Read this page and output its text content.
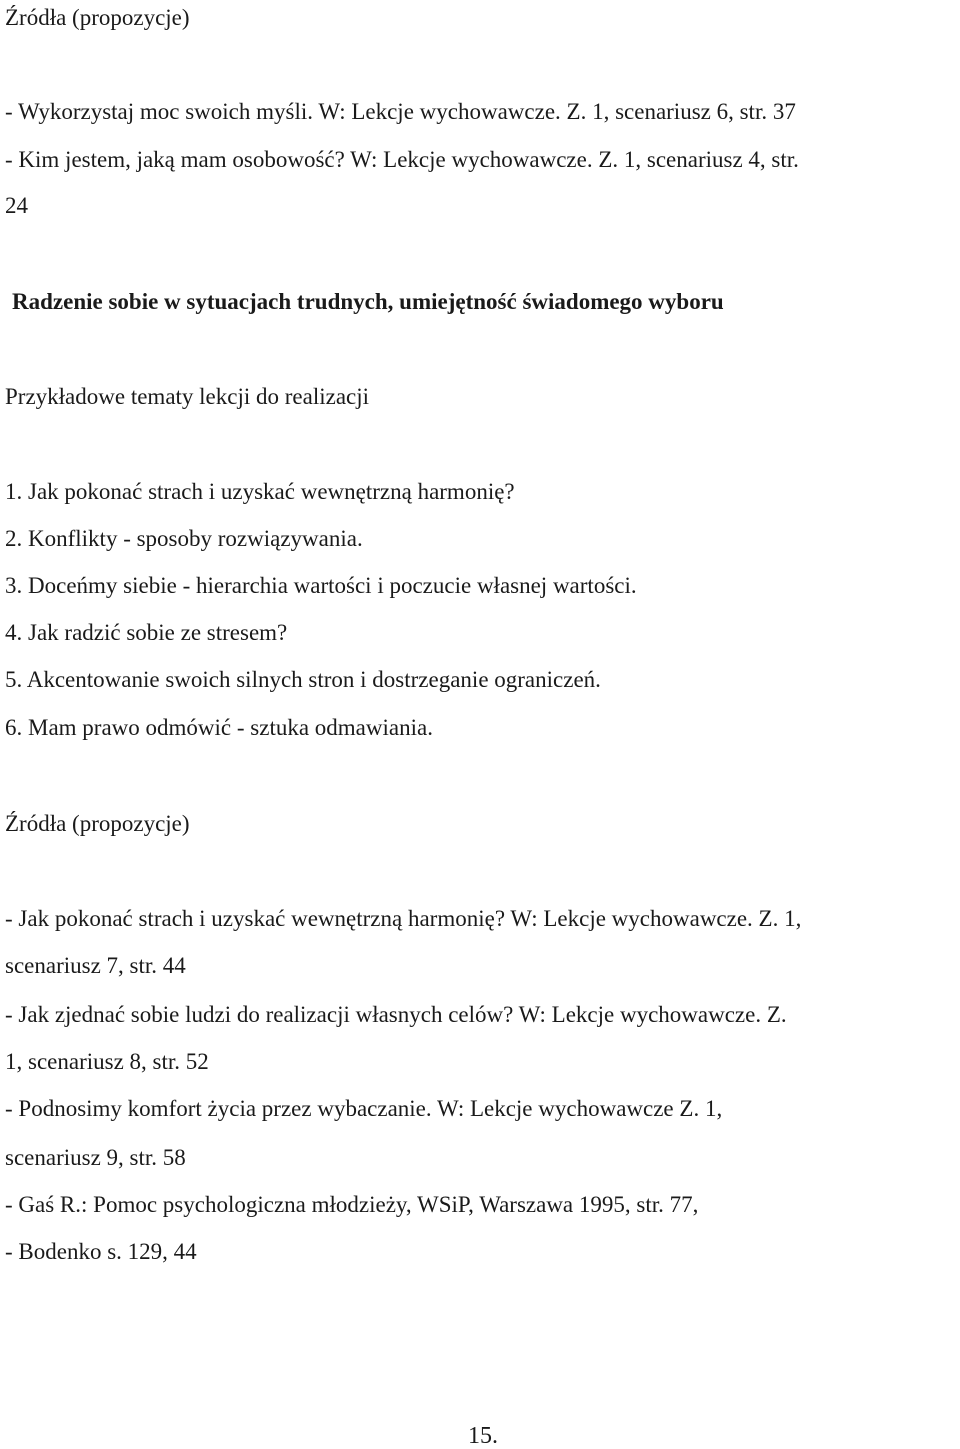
Źródła (propozycje)
- Wykorzystaj moc swoich myśli. W: Lekcje wychowawcze. Z. 1, scenariusz 6, str. 37
- Kim jestem, jaką mam osobowość? W: Lekcje wychowawcze. Z. 1, scenariusz 4, str.
24
Radzenie sobie w sytuacjach trudnych, umiejętność świadomego wyboru
Przykładowe tematy lekcji do realizacji
1. Jak pokonać strach i uzyskać wewnętrzną harmonię?
2. Konflikty - sposoby rozwiązywania.
3. Doceńmy siebie - hierarchia wartości i poczucie własnej wartości.
4. Jak radzić sobie ze stresem?
5. Akcentowanie swoich silnych stron i dostrzeganie ograniczeń.
6. Mam prawo odmówić - sztuka odmawiania.
Źródła (propozycje)
- Jak pokonać strach i uzyskać wewnętrzną harmonię? W: Lekcje wychowawcze. Z. 1,
scenariusz 7, str. 44
- Jak zjednać sobie ludzi do realizacji własnych celów? W: Lekcje wychowawcze. Z.
1, scenariusz 8, str. 52
- Podnosimy komfort życia przez wybaczanie. W: Lekcje wychowawcze Z. 1,
scenariusz 9, str. 58
- Gaś R.: Pomoc psychologiczna młodzieży, WSiP, Warszawa 1995, str. 77,
- Bodenko s. 129, 44
15.
